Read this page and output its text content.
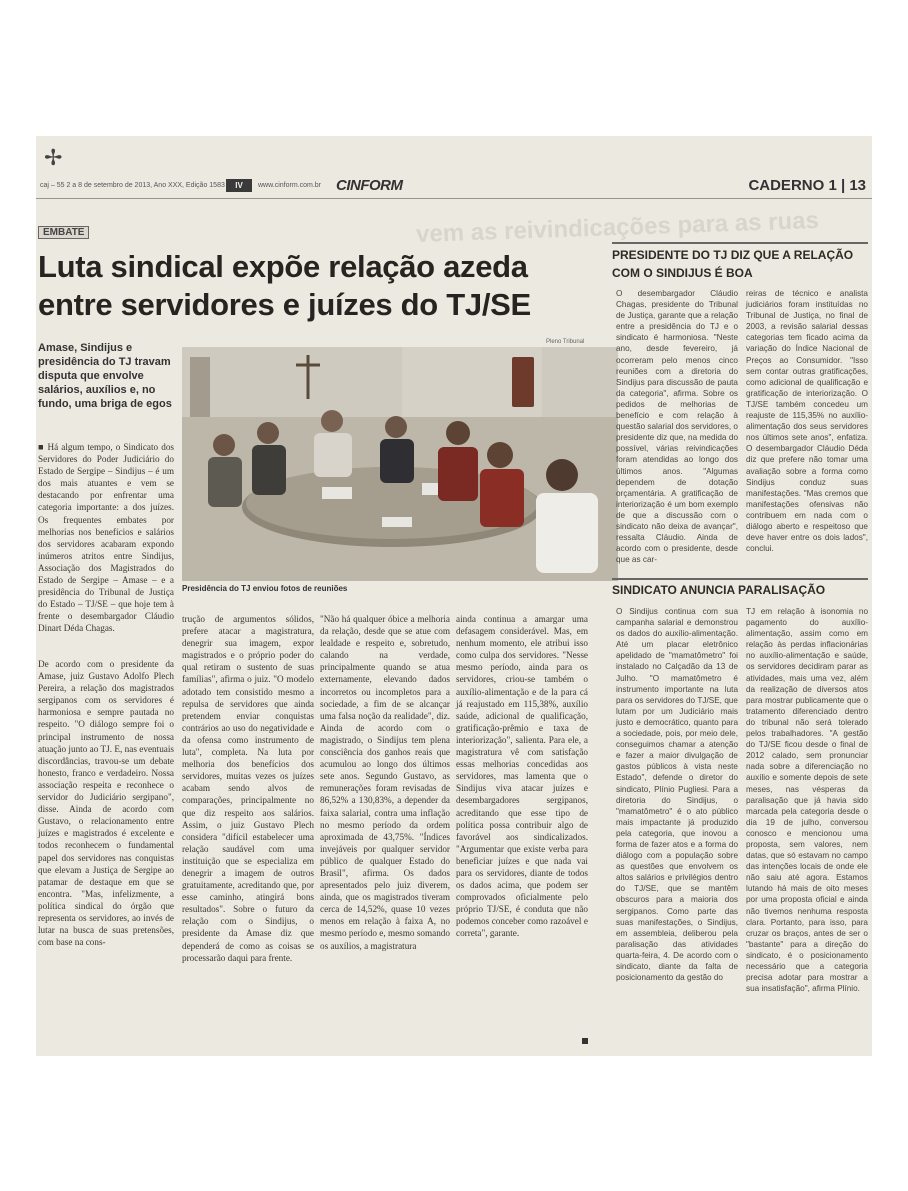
✢
caj – 55 2 a 8 de setembro de 2013, Ano XXX, Edição 1583	IV	www.cinform.com.br CINFORM	CADERNO 1 | 13
vem as reivindicações para as ruas
EMBATE
Luta sindical expõe relação azeda entre servidores e juízes do TJ/SE

Amase, Sindijus e presidência do TJ travam disputa que envolve salários, auxílios e, no fundo, uma briga de egos

Pleno Tribunal
Presidência do TJ enviou fotos de reuniões

■ Há algum tempo, o Sindicato dos Servidores do Poder Judiciário do Estado de Sergipe – Sindijus – é um dos mais atuantes e vem se destacando por enfrentar uma categoria importante: a dos juízes. Os frequentes embates por melhorias nos benefícios e salários dos servidores acabaram expondo inúmeros atritos entre Sindijus, Associação dos Magistrados do Estado de Sergipe – Amase – e a presidência do Tribunal de Justiça do Estado – TJ/SE – que hoje tem à frente o desembargador Cláudio Dinart Déda Chagas.

De acordo com o presidente da Amase, juiz Gustavo Adolfo Plech Pereira, a relação dos magistrados sergipanos com os servidores é harmoniosa e sempre pautada no respeito. "O diálogo sempre foi o principal instrumento de nossa atuação junto ao TJ. E, nas eventuais discordâncias, travou-se um debate honesto, franco e verdadeiro. Nossa associação respeita e reconhece o servidor do Judiciário sergipano", disse. Ainda de acordo com Gustavo, o relacionamento entre juízes e magistrados é excelente e todos reconhecem o fundamental papel dos servidores nas conquistas que elevam a Justiça de Sergipe ao patamar de destaque em que se encontra. "Mas, infelizmente, a política sindical do órgão que representa os servidores, ao invés de lutar na busca de suas pretensões, com base na cons-

trução de argumentos sólidos, prefere atacar a magistratura, denegrir sua imagem, expor magistrados e o próprio poder do qual retiram o sustento de suas famílias", afirma o juiz. "O modelo adotado tem consistido mesmo a repulsa de servidores que ainda pretendem enviar conquistas contrários ao uso do negatividade e da ofensa como instrumento de luta", completa. Na luta por melhoria dos benefícios dos servidores, muitas vezes os juízes acabam sendo alvos de comparações, principalmente no que diz respeito aos salários. Assim, o juiz Gustavo Plech considera "difícil estabelecer uma relação saudável com uma instituição que se especializa em denegrir a imagem de outros gratuitamente, acreditando que, por esse caminho, atingirá bons resultados". Sobre o futuro da relação com o Sindijus, o presidente da Amase diz que dependerá de como as coisas se processarão daqui para frente.

"Não há qualquer óbice a melhoria da relação, desde que se atue com lealdade e respeito e, sobretudo, calando na verdade, principalmente quando se atua externamente, elevando dados incorretos ou incompletos para a sociedade, a fim de se alcançar uma falsa noção da realidade", diz. Ainda de acordo com o magistrado, o Sindijus tem plena consciência dos ganhos reais que acumulou ao longo dos últimos sete anos. Segundo Gustavo, as remunerações foram revisadas de 86,52% a 130,83%, a depender da faixa salarial, contra uma inflação no mesmo período da ordem aproximada de 43,75%. "Índices invejáveis por qualquer servidor público de qualquer Estado do Brasil", afirma. Os dados apresentados pelo juiz diverem, ainda, que os magistrados tiveram cerca de 14,52%, quase 10 vezes menos em relação à faixa A, no mesmo período e, mesmo somando os auxílios, a magistratura

ainda continua a amargar uma defasagem considerável. Mas, em nenhum momento, ele atribui isso como culpa dos servidores. "Nesse mesmo período, ainda para os servidores, criou-se também o auxílio-alimentação e de la para cá já reajustado em 115,38%, auxílio saúde, adicional de qualificação, gratificação-prêmio e taxa de interiorização", salienta. Para ele, a magistratura vê com satisfação essas melhorias concedidas aos servidores, mas lamenta que o Sindijus viva atacar juízes e desembargadores sergipanos, acreditando que esse tipo de política possa contribuir algo de favorável aos sindicalizados. "Argumentar que existe verba para beneficiar juízes e que nada vai para os servidores, diante de todos os dados acima, que podem ser comprovados oficialmente pelo próprio TJ/SE, é conduta que não podemos conceber como razoável e correta", garante.

PRESIDENTE DO TJ DIZ QUE A RELAÇÃO COM O SINDIJUS É BOA

O desembargador Cláudio Chagas, presidente do Tribunal de Justiça, garante que a relação entre a presidência do TJ e o sindicato é harmoniosa. "Neste ano, desde fevereiro, já ocorreram pelo menos cinco reuniões com a diretoria do Sindijus para discussão de pauta da categoria", afirma. Sobre os pedidos de melhorias de benefício e com relação à questão salarial dos servidores, o presidente diz que, na medida do possível, várias reivindicações foram atendidas ao longo dos últimos anos. "Algumas dependem de dotação orçamentária. A gratificação de interiorização é um bom exemplo de que a discussão com o sindicato não deixa de avançar", ressalta Cláudio. Ainda de acordo com o presidente, desde que as car-

reiras de técnico e analista judiciários foram instituídas no Tribunal de Justiça, no final de 2003, a revisão salarial dessas categorias tem ficado acima da variação do Índice Nacional de Preços ao Consumidor. "Isso sem contar outras gratificações, como adicional de qualificação e gratificação de interiorização. O TJ/SE também concedeu um reajuste de 115,35% no auxílio-alimentação dos seus servidores nos últimos sete anos", enfatiza. O desembargador Cláudio Déda diz que prefere não tomar uma avaliação sobre a forma como Sindijus conduz suas manifestações. "Mas cremos que manifestações ofensivas não contribuem em nada com o diálogo aberto e respeitoso que deve haver entre os dois lados", conclui.

SINDICATO ANUNCIA PARALISAÇÃO

O Sindijus continua com sua campanha salarial e demonstrou os dados do auxílio-alimentação. Até um placar eletrônico apelidado de "mamatômetro" foi instalado no Calçadão da 13 de Julho. "O mamatômetro é instrumento importante na luta para os servidores do TJ/SE, que lutam por um Judiciário mais justo e democrático, quanto para a sociedade, pois, por meio dele, conseguimos chamar a atenção e fazer a maior divulgação de gastos públicos à vista neste Estado", defende o diretor do sindicato, Plínio Pugliesi. Para a diretoria do Sindijus, o "mamatômetro" é o ato público mais impactante já produzido pela categoria, que inovou a forma de fazer atos e a forma do diálogo com a população sobre as questões que envolvem os altos salários e privilégios dentro do TJ/SE, que se mantêm obscuros para a maioria dos sergipanos. Como parte das suas manifestações, o Sindijus, em assembleia, deliberou pela paralisação das atividades quarta-feira, 4. De acordo com o sindicato, diante da falta de posicionamento da gestão do

TJ em relação à isonomia no pagamento do auxílio-alimentação, assim como em relação às perdas inflacionárias no auxílio-alimentação e saúde, os servidores decidiram parar as atividades, mais uma vez, além da realização de diversos atos para mostrar publicamente que o tratamento diferenciado dentro do tribunal não será tolerado pelos trabalhadores. "A gestão do TJ/SE ficou desde o final de 2012 calado, sem pronunciar nada sobre a diferenciação no auxílio e somente depois de sete meses, nas vésperas da paralisação que já havia sido marcada pela categoria desde o dia 19 de julho, conversou conosco e mencionou uma proposta, sem valores, nem datas, que só estavam no campo das intenções locais de onde ele não saiu até agora. Estamos lutando há mais de oito meses por uma proposta oficial e ainda não tivemos nenhuma resposta clara. Portanto, para isso, para cruzar os braços, antes de ser o "bastante" para a direção do sindicato, é o posicionamento necessário que a categoria precisa adotar para mostrar a sua insatisfação", afirma Plínio.
